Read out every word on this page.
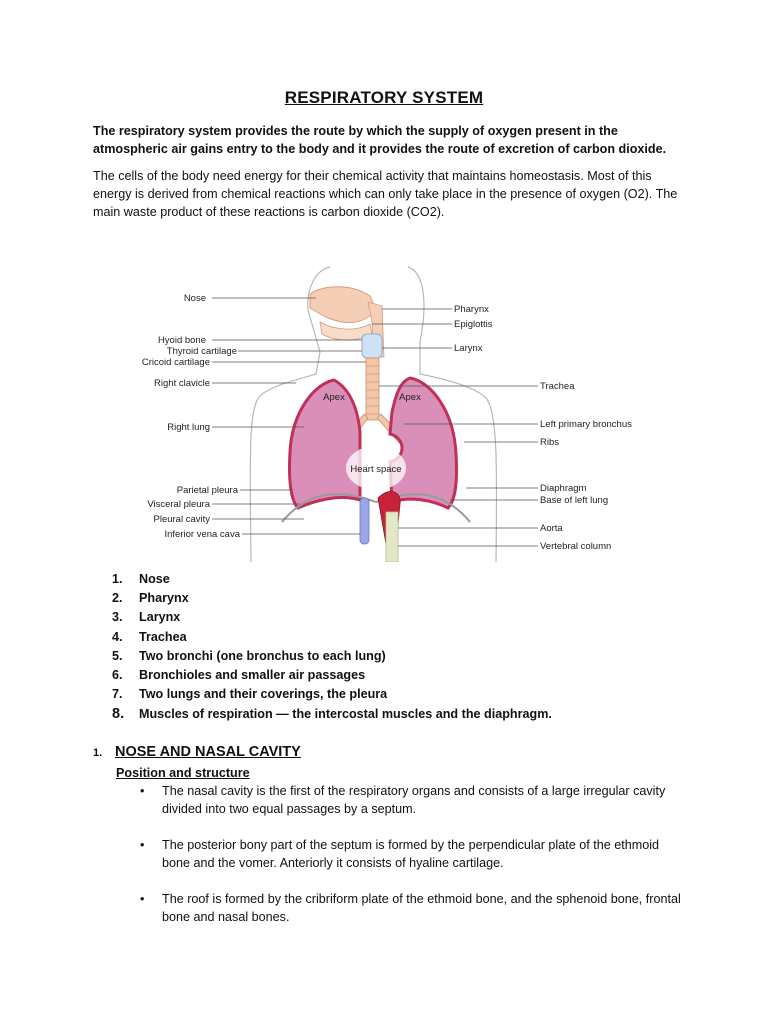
RESPIRATORY SYSTEM
The respiratory system provides the route by which the supply of oxygen present in the atmospheric air gains entry to the body and it provides the route of excretion of carbon dioxide.
The cells of the body need energy for their chemical activity that maintains homeostasis. Most of this energy is derived from chemical reactions which can only take place in the presence of oxygen (O2). The main waste product of these reactions is carbon dioxide (CO2).
Nose
Hyoid bone
Thyroid cartilage
Cricoid cartilage
Right clavicle
Right lung
Parietal pleura
Visceral pleura
Pleural cavity
Inferior vena cava
Pharynx
Epiglottis
Larynx
Trachea
Left primary bronchus
Ribs
Diaphragm
Base of left lung
Aorta
Vertebral column
Apex	Apex
Heart space
1.	Nose
2.	Pharynx
3.	Larynx
4.	Trachea
5.	Two bronchi (one bronchus to each lung)
6.	Bronchioles and smaller air passages
7.	Two lungs and their coverings, the pleura
8.	Muscles of respiration — the intercostal muscles and the diaphragm.
1. NOSE AND NASAL CAVITY
Position and structure
• The nasal cavity is the first of the respiratory organs and consists of a large irregular cavity divided into two equal passages by a septum.
• The posterior bony part of the septum is formed by the perpendicular plate of the ethmoid bone and the vomer. Anteriorly it consists of hyaline cartilage.
• The roof is formed by the cribriform plate of the ethmoid bone, and the sphenoid bone, frontal bone and nasal bones.
